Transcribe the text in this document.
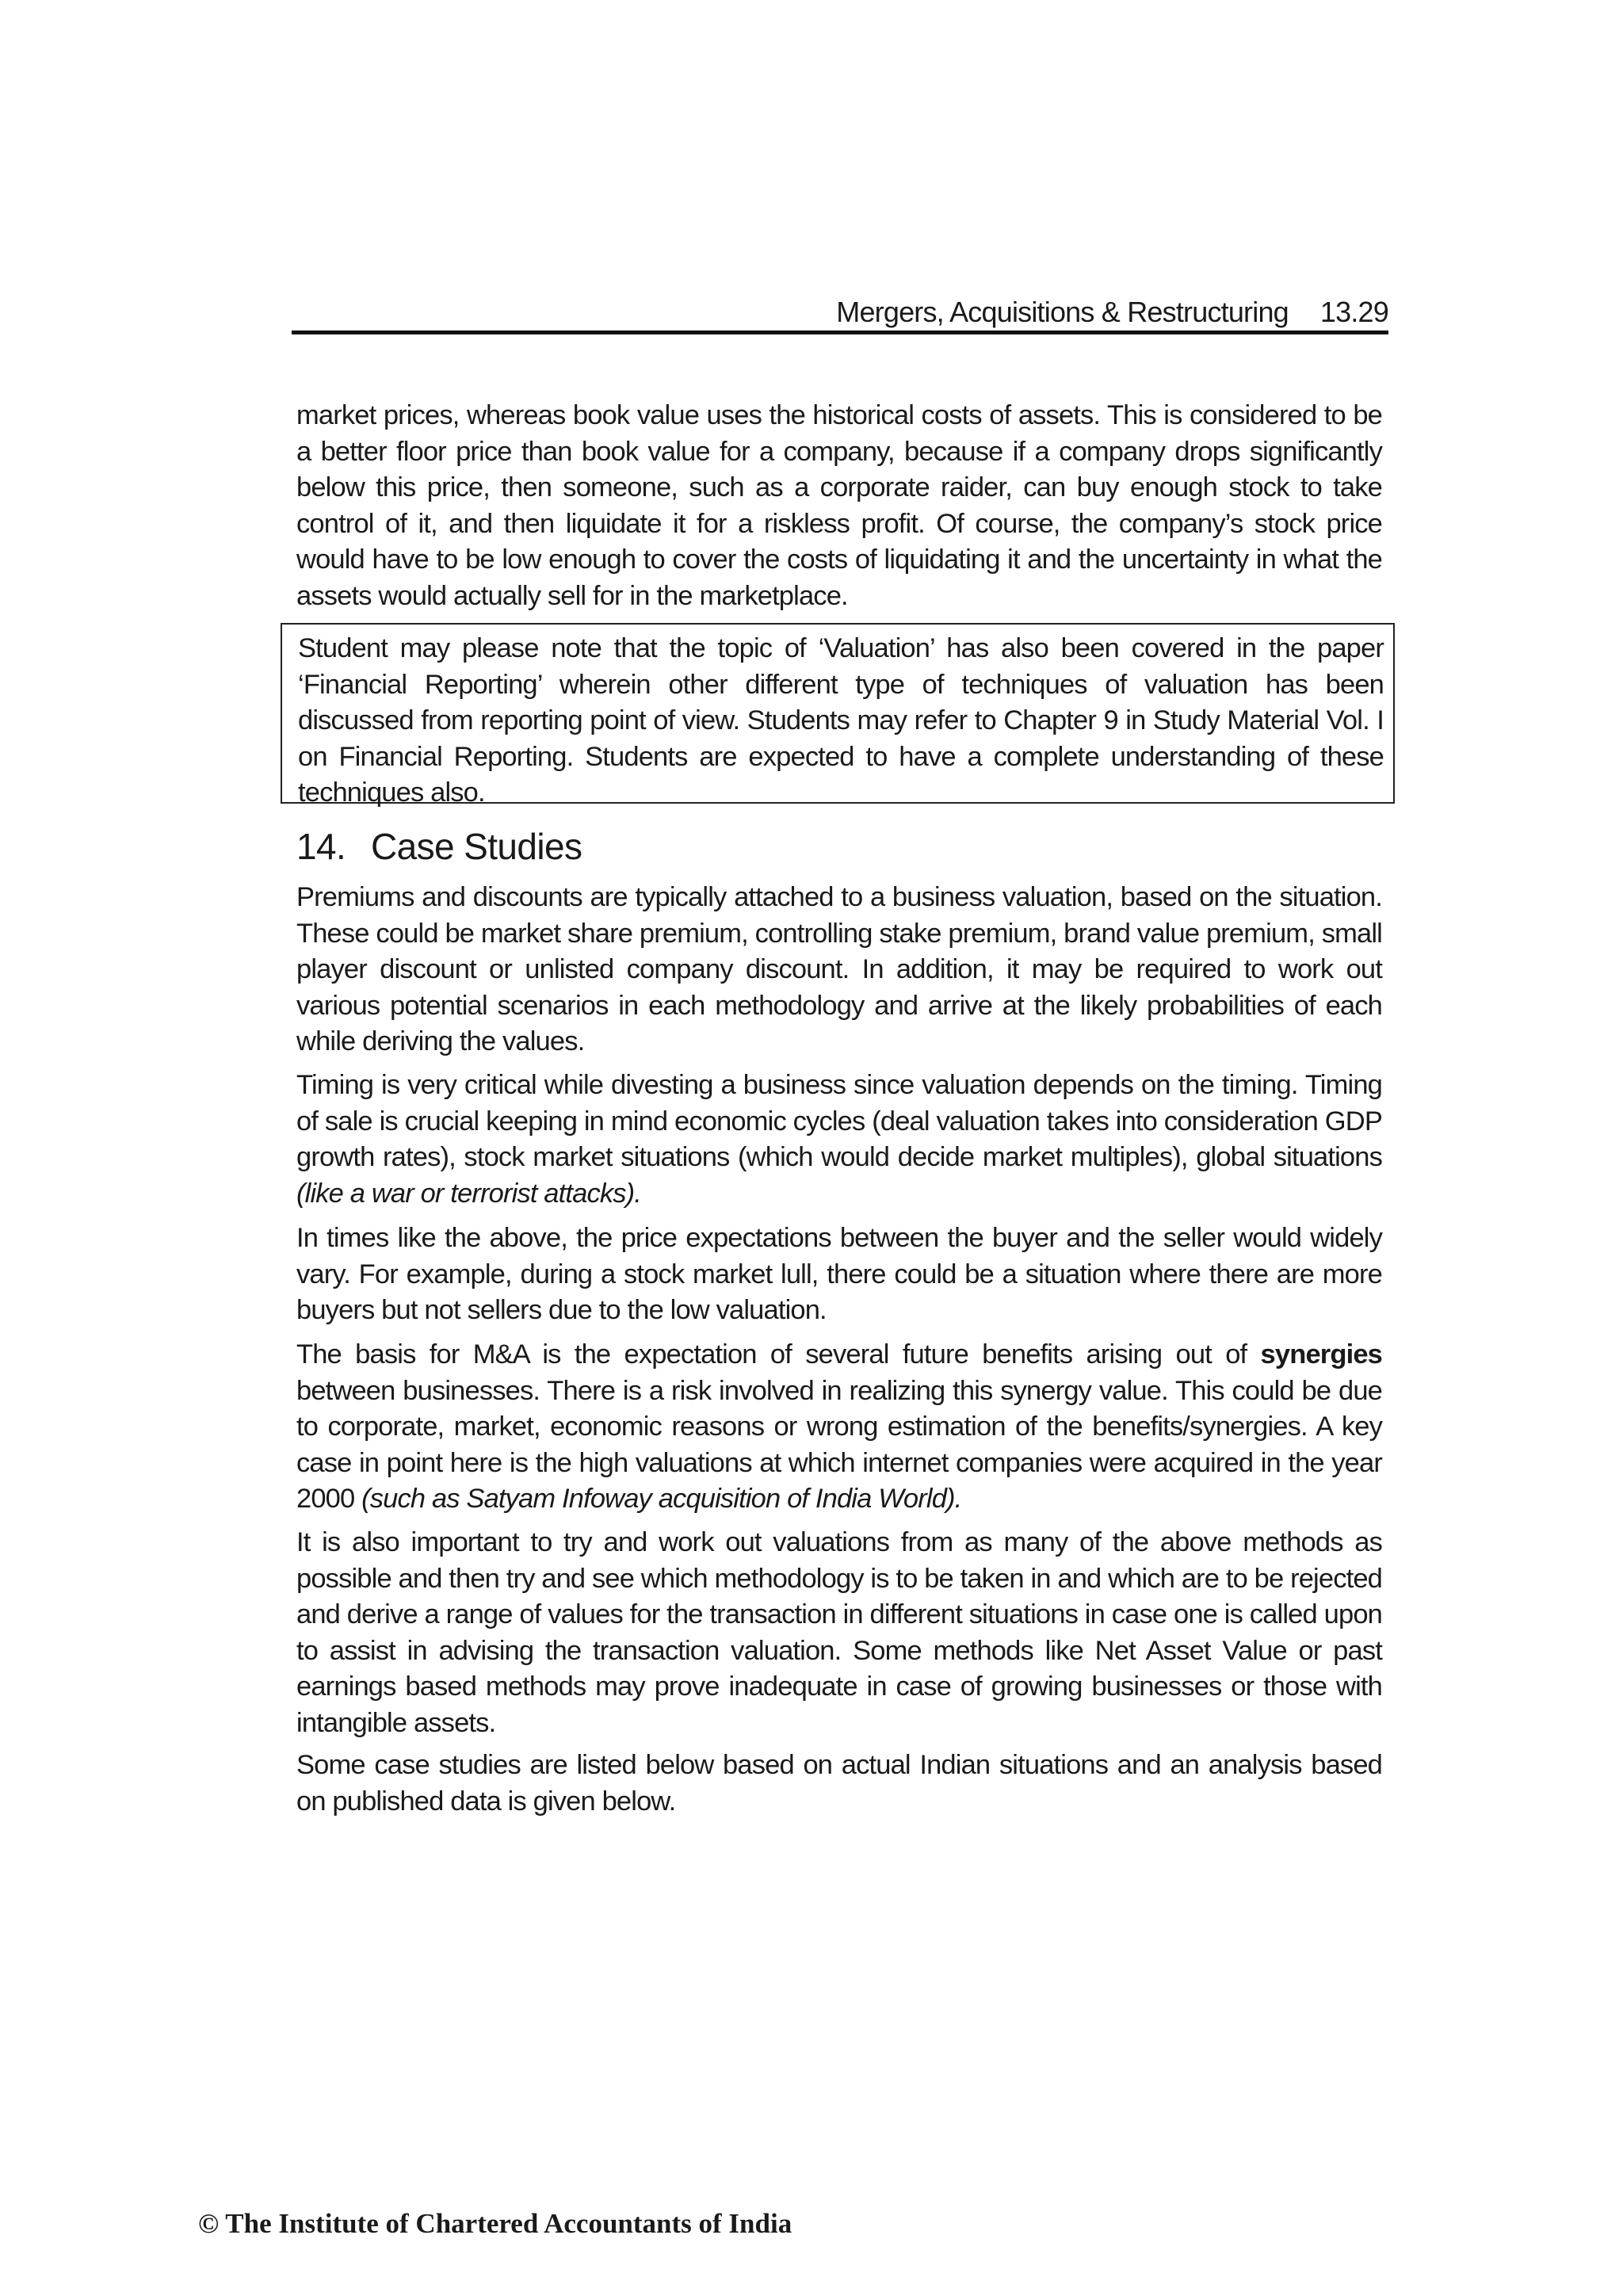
Mergers, Acquisitions & Restructuring 13.29

market prices, whereas book value uses the historical costs of assets. This is considered to be a better floor price than book value for a company, because if a company drops significantly below this price, then someone, such as a corporate raider, can buy enough stock to take control of it, and then liquidate it for a riskless profit. Of course, the company’s stock price would have to be low enough to cover the costs of liquidating it and the uncertainty in what the assets would actually sell for in the marketplace.

Student may please note that the topic of ‘Valuation’ has also been covered in the paper ‘Financial Reporting’ wherein other different type of techniques of valuation has been discussed from reporting point of view. Students may refer to Chapter 9 in Study Material Vol. I on Financial Reporting. Students are expected to have a complete understanding of these techniques also.

14. Case Studies

Premiums and discounts are typically attached to a business valuation, based on the situation. These could be market share premium, controlling stake premium, brand value premium, small player discount or unlisted company discount. In addition, it may be required to work out various potential scenarios in each methodology and arrive at the likely probabilities of each while deriving the values.

Timing is very critical while divesting a business since valuation depends on the timing. Timing of sale is crucial keeping in mind economic cycles (deal valuation takes into consideration GDP growth rates), stock market situations (which would decide market multiples), global situations (like a war or terrorist attacks).

In times like the above, the price expectations between the buyer and the seller would widely vary. For example, during a stock market lull, there could be a situation where there are more buyers but not sellers due to the low valuation.

The basis for M&A is the expectation of several future benefits arising out of synergies between businesses. There is a risk involved in realizing this synergy value. This could be due to corporate, market, economic reasons or wrong estimation of the benefits/synergies. A key case in point here is the high valuations at which internet companies were acquired in the year 2000 (such as Satyam Infoway acquisition of India World).

It is also important to try and work out valuations from as many of the above methods as possible and then try and see which methodology is to be taken in and which are to be rejected and derive a range of values for the transaction in different situations in case one is called upon to assist in advising the transaction valuation. Some methods like Net Asset Value or past earnings based methods may prove inadequate in case of growing businesses or those with intangible assets.

Some case studies are listed below based on actual Indian situations and an analysis based on published data is given below.

© The Institute of Chartered Accountants of India
